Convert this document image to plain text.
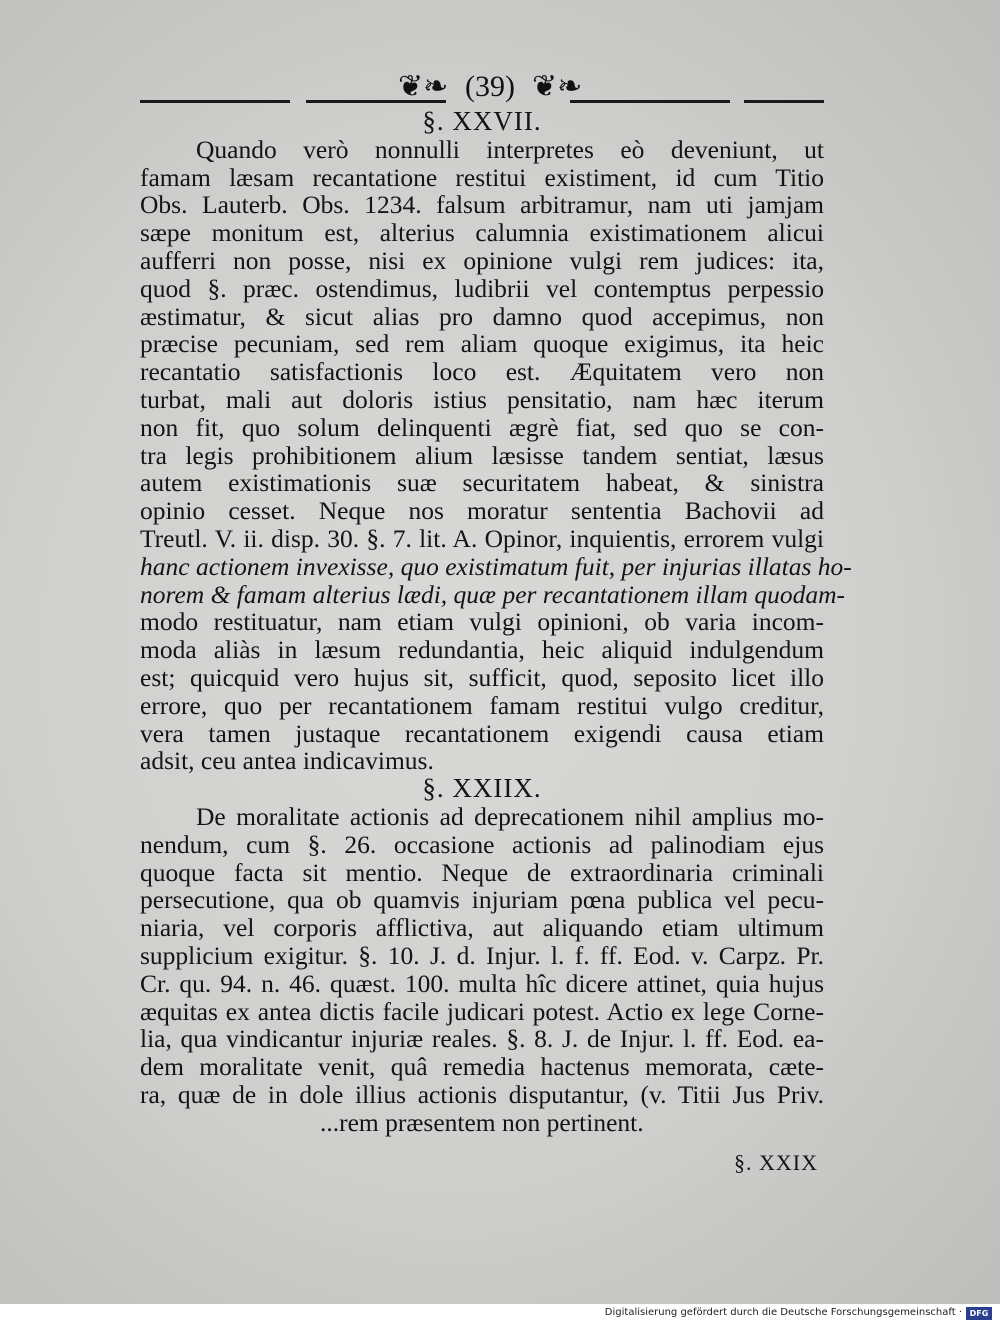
❦❧ (39) ❦❧
§. XXVII.
Quando verò nonnulli interpretes eò deveniunt, ut
famam læsam recantatione restitui existiment, id cum Titio
Obs. Lauterb. Obs. 1234. falsum arbitramur, nam uti jamjam
sæpe monitum est, alterius calumnia existimationem alicui
aufferri non posse, nisi ex opinione vulgi rem judices: ita,
quod §. præc. ostendimus, ludibrii vel contemptus perpessio
æstimatur, & sicut alias pro damno quod accepimus, non
præcise pecuniam, sed rem aliam quoque exigimus, ita heic
recantatio satisfactionis loco est. Æquitatem vero non
turbat, mali aut doloris istius pensitatio, nam hæc iterum
non fit, quo solum delinquenti ægrè fiat, sed quo se con-
tra legis prohibitionem alium læsisse tandem sentiat, læsus
autem existimationis suæ securitatem habeat, & sinistra
opinio cesset. Neque nos moratur sententia Bachovii ad
Treutl. V. ii. disp. 30. §. 7. lit. A. Opinor, inquientis, errorem vulgi
hanc actionem invexisse, quo existimatum fuit, per injurias illatas ho-
norem & famam alterius lædi, quæ per recantationem illam quodam-
modo restituatur, nam etiam vulgi opinioni, ob varia incom-
moda aliàs in læsum redundantia, heic aliquid indulgendum
est; quicquid vero hujus sit, sufficit, quod, seposito licet illo
errore, quo per recantationem famam restitui vulgo creditur,
vera tamen justaque recantationem exigendi causa etiam
adsit, ceu antea indicavimus.
§. XXIIX.
De moralitate actionis ad deprecationem nihil amplius mo-
nendum, cum §. 26. occasione actionis ad palinodiam ejus
quoque facta sit mentio. Neque de extraordinaria criminali
persecutione, qua ob quamvis injuriam pœna publica vel pecu-
niaria, vel corporis afflictiva, aut aliquando etiam ultimum
supplicium exigitur. §. 10. J. d. Injur. l. f. ff. Eod. v. Carpz. Pr.
Cr. qu. 94. n. 46. quæst. 100. multa hîc dicere attinet, quia hujus
æquitas ex antea dictis facile judicari potest. Actio ex lege Corne-
lia, qua vindicantur injuriæ reales. §. 8. J. de Injur. l. ff. Eod. ea-
dem moralitate venit, quâ remedia hactenus memorata, cæte-
ra, quæ de in dole illius actionis disputantur, (v. Titii Jus Priv.
...rem præsentem non pertinent.
§. XXIX
Digitalisierung gefördert durch die Deutsche Forschungsgemeinschaft · DFG
